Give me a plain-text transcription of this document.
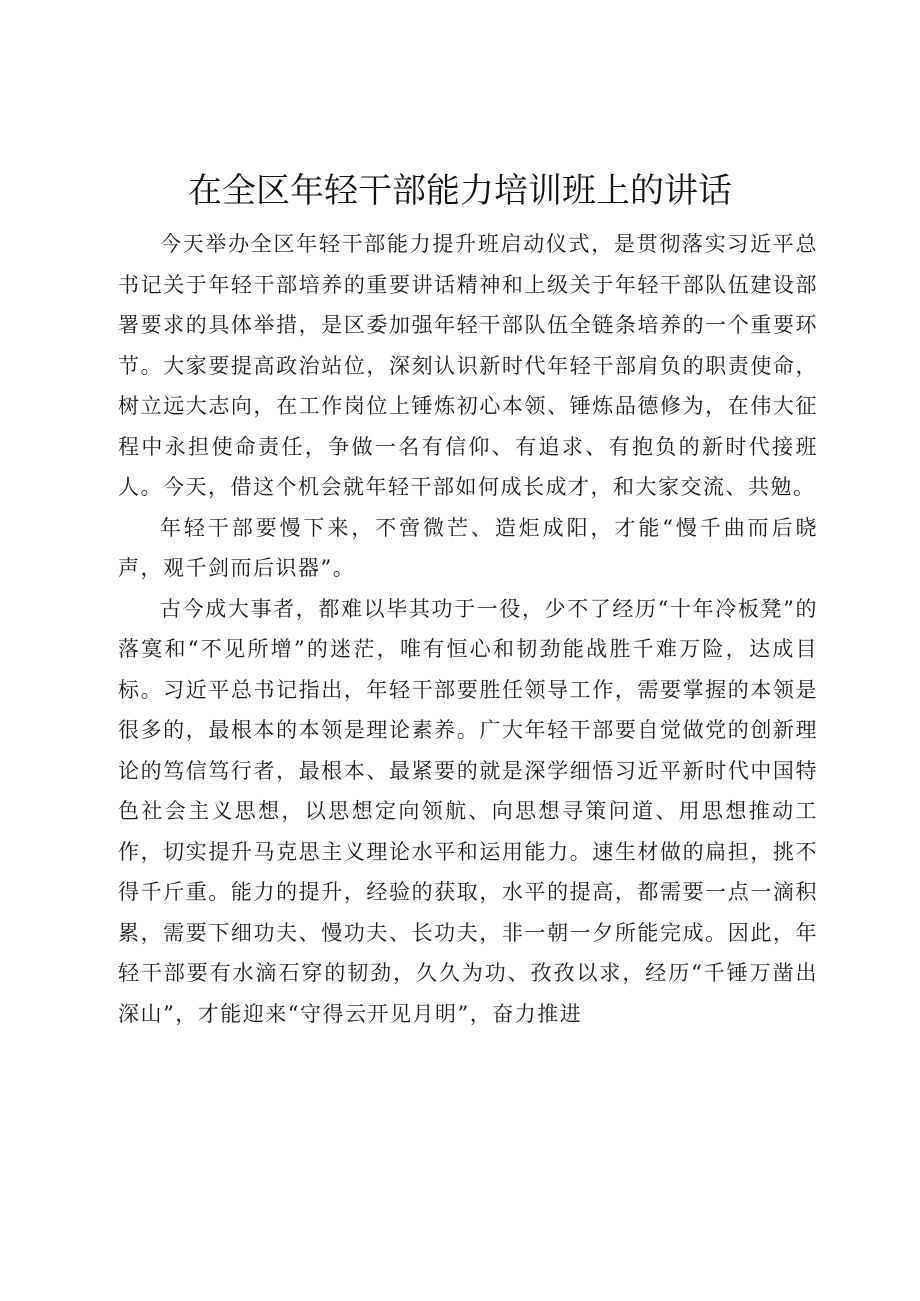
在全区年轻干部能力培训班上的讲话

今天举办全区年轻干部能力提升班启动仪式，是贯彻落实习近平总书记关于年轻干部培养的重要讲话精神和上级关于年轻干部队伍建设部署要求的具体举措，是区委加强年轻干部队伍全链条培养的一个重要环节。大家要提高政治站位，深刻认识新时代年轻干部肩负的职责使命，树立远大志向，在工作岗位上锤炼初心本领、锤炼品德修为，在伟大征程中永担使命责任，争做一名有信仰、有追求、有抱负的新时代接班人。今天，借这个机会就年轻干部如何成长成才，和大家交流、共勉。

年轻干部要慢下来，不啻微芒、造炬成阳，才能“慢千曲而后晓声，观千剑而后识器”。

古今成大事者，都难以毕其功于一役，少不了经历“十年冷板凳”的落寞和“不见所增”的迷茫，唯有恒心和韧劲能战胜千难万险，达成目标。习近平总书记指出，年轻干部要胜任领导工作，需要掌握的本领是很多的，最根本的本领是理论素养。广大年轻干部要自觉做党的创新理论的笃信笃行者，最根本、最紧要的就是深学细悟习近平新时代中国特色社会主义思想，以思想定向领航、向思想寻策问道、用思想推动工作，切实提升马克思主义理论水平和运用能力。速生材做的扁担，挑不得千斤重。能力的提升，经验的获取，水平的提高，都需要一点一滴积累，需要下细功夫、慢功夫、长功夫，非一朝一夕所能完成。因此，年轻干部要有水滴石穿的韧劲，久久为功、孜孜以求，经历“千锤万凿出深山”，才能迎来“守得云开见月明”，奋力推进
